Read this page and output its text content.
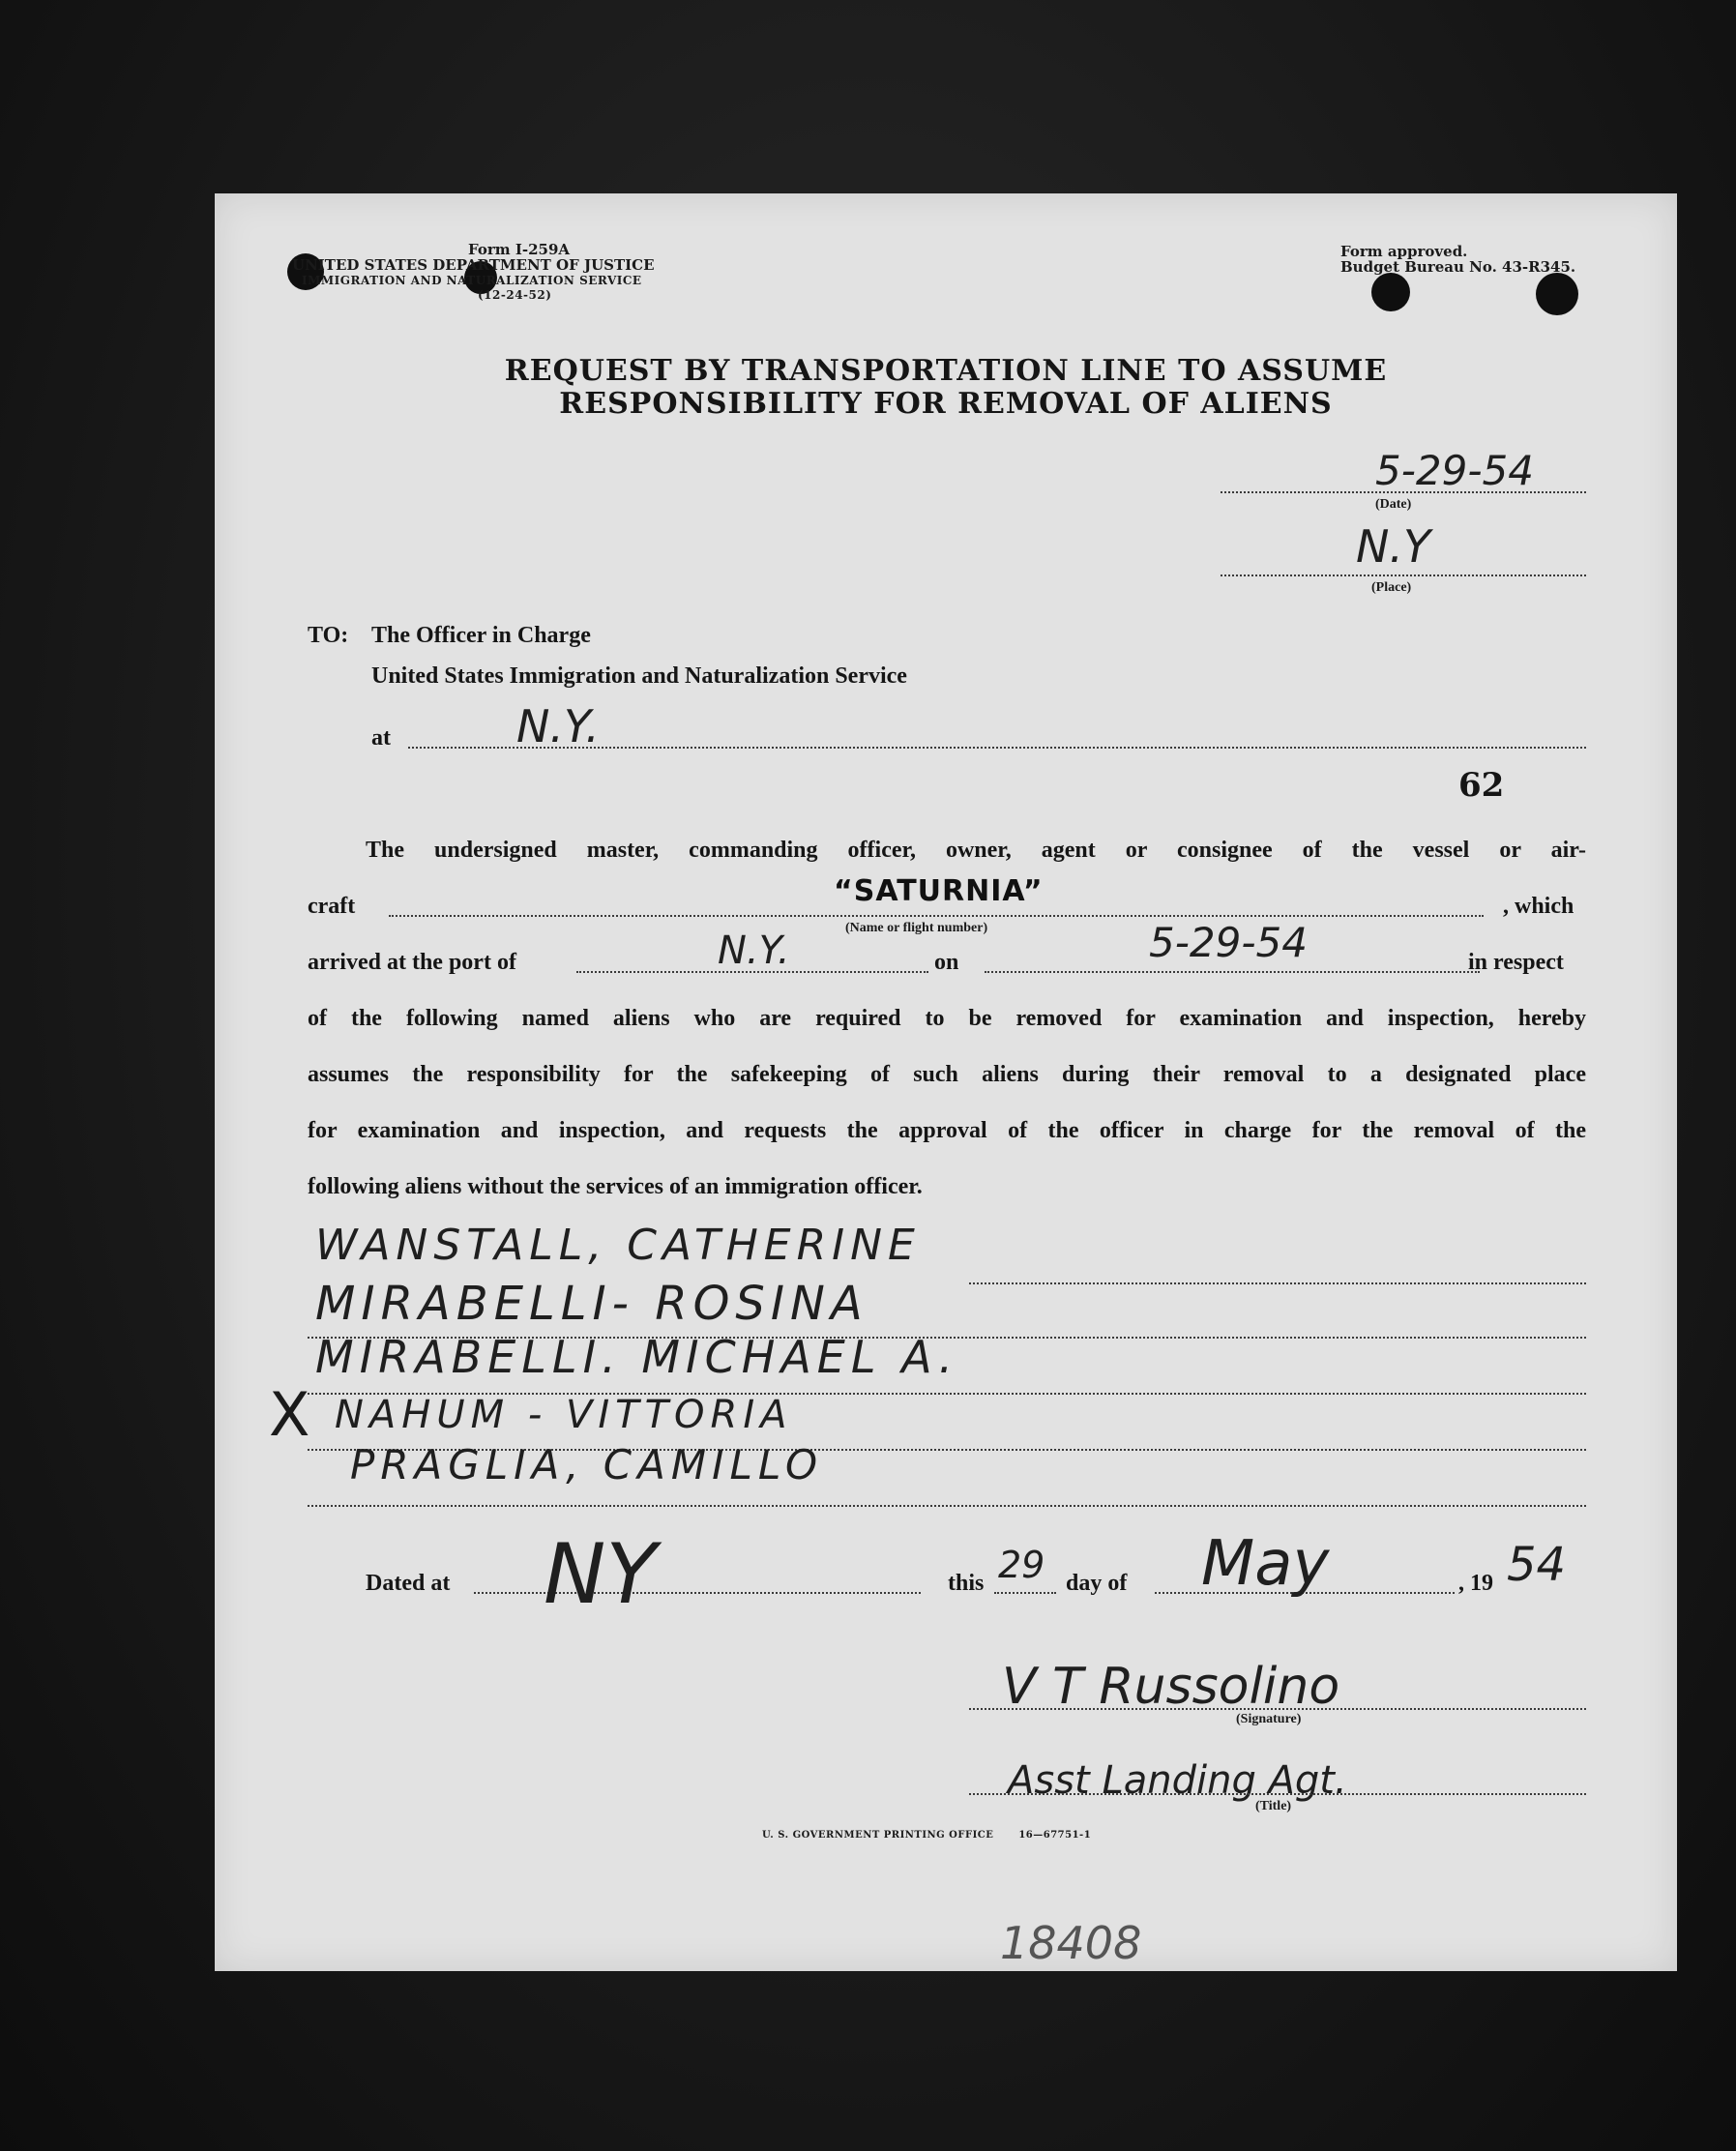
Form I-259A
UNITED STATES DEPARTMENT OF JUSTICE
IMMIGRATION AND NATURALIZATION SERVICE
(12-24-52)
Form approved.
Budget Bureau No. 43-R345.
REQUEST BY TRANSPORTATION LINE TO ASSUME
RESPONSIBILITY FOR REMOVAL OF ALIENS
5-29-54
(Date)
N.Y
(Place)
TO: The Officer in Charge
United States Immigration and Naturalization Service
at	N.Y.
62
The undersigned master, commanding officer, owner, agent or consignee of the vessel or air-
craft	“SATURNIA”
(Name or flight number)
, which
arrived at the port of	N.Y.	on	5-29-54	in respect
of the following named aliens who are required to be removed for examination and inspection, hereby
assumes the responsibility for the safekeeping of such aliens during their removal to a designated place
for examination and inspection, and requests the approval of the officer in charge for the removal of the
following aliens without the services of an immigration officer.
WANSTALL, CATHERINE
MIRABELLI- ROSINA
MIRABELLI. MICHAEL A.
X NAHUM - VITTORIA
PRAGLIA, CAMILLO
Dated at NY	this 29 day of May	, 19 54
V T Russolino
(Signature)
Asst Landing Agt.
(Title)
U. S. GOVERNMENT PRINTING OFFICE	16—67751-1
18408
